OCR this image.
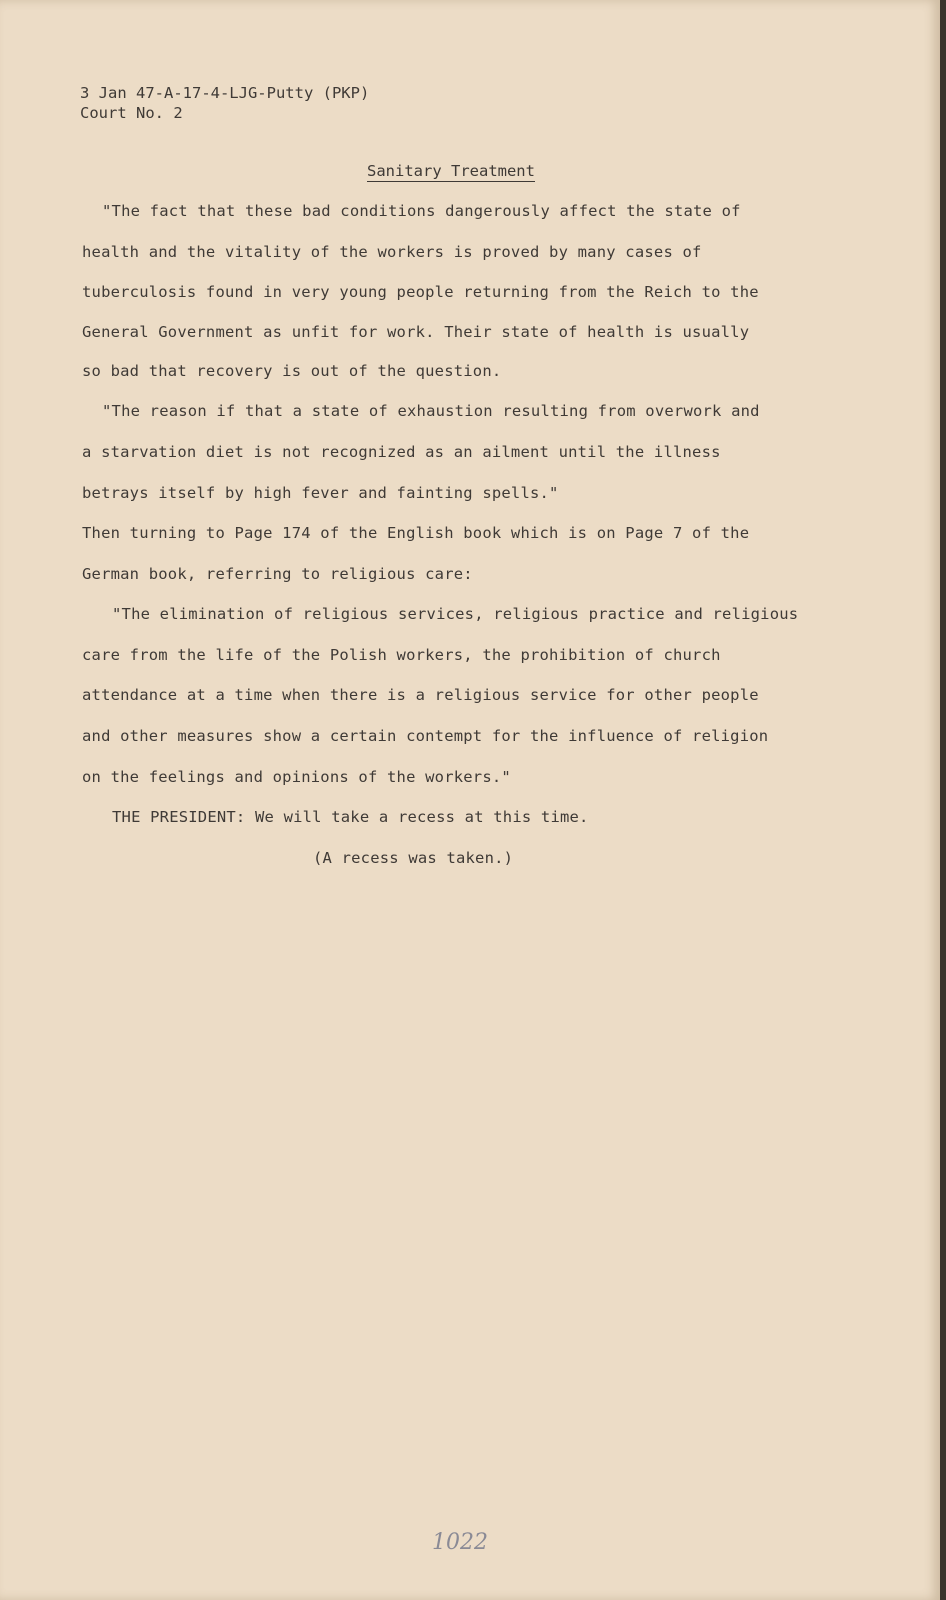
3 Jan 47-A-17-4-LJG-Putty (PKP)
Court No. 2
Sanitary Treatment
"The fact that these bad conditions dangerously affect the state of
health and the vitality of the workers is proved by many cases of
tuberculosis found in very young people returning from the Reich to the
General Government as unfit for work. Their state of health is usually
so bad that recovery is out of the question.
"The reason if that a state of exhaustion resulting from overwork and
a starvation diet is not recognized as an ailment until the illness
betrays itself by high fever and fainting spells."
Then turning to Page 174 of the English book which is on Page 7 of the
German book, referring to religious care:
"The elimination of religious services, religious practice and religious
care from the life of the Polish workers, the prohibition of church
attendance at a time when there is a religious service for other people
and other measures show a certain contempt for the influence of religion
on the feelings and opinions of the workers."
THE PRESIDENT: We will take a recess at this time.
(A recess was taken.)
1022
